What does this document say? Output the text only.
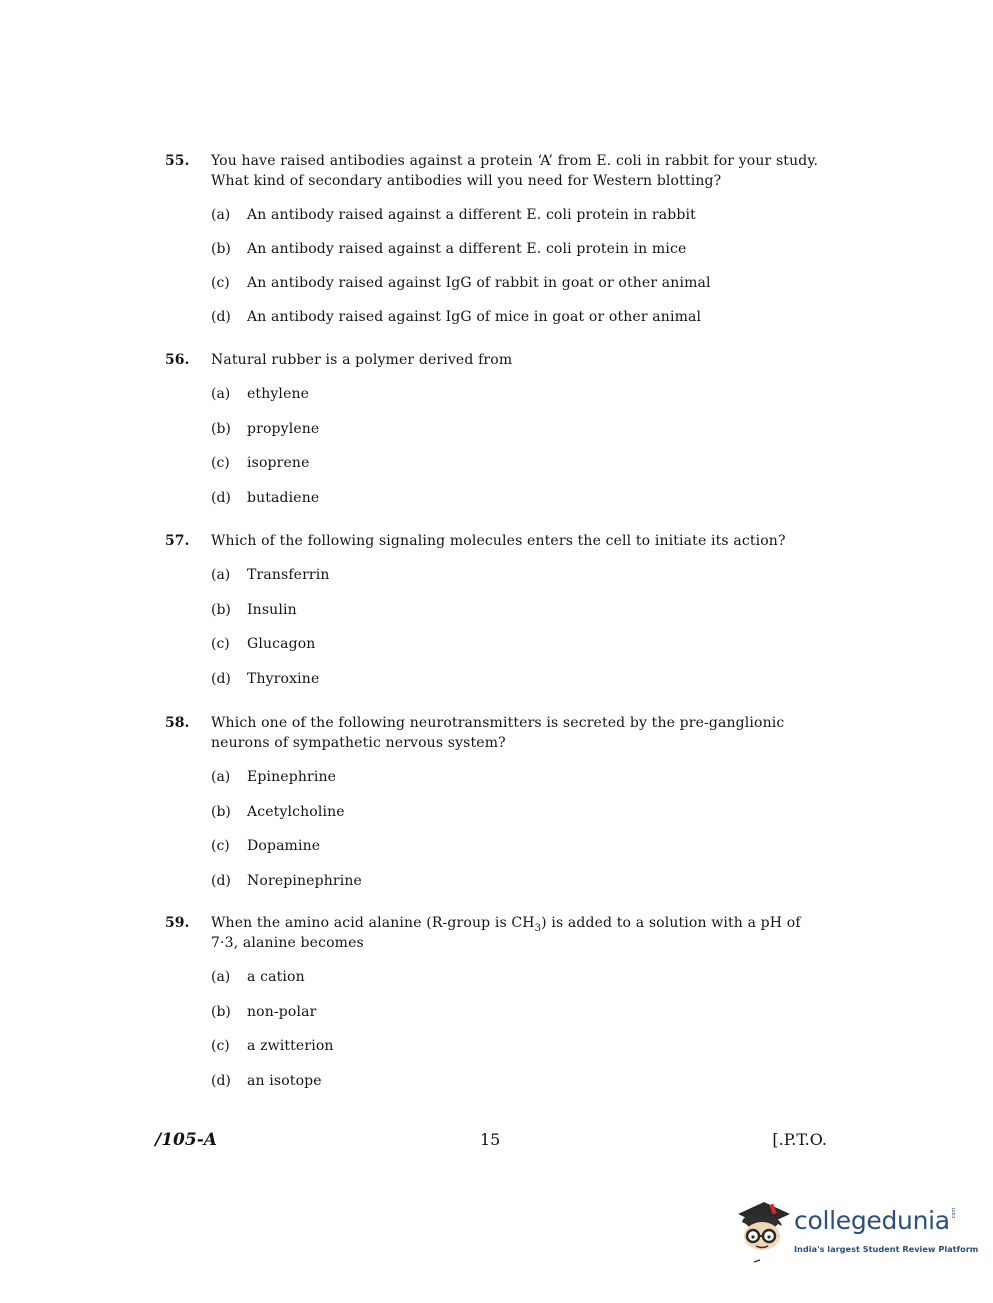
55.	You have raised antibodies against a protein ‘A’ from E. coli in rabbit for your study. What kind of secondary antibodies will you need for Western blotting?
(a)	An antibody raised against a different E. coli protein in rabbit
(b)	An antibody raised against a different E. coli protein in mice
(c)	An antibody raised against IgG of rabbit in goat or other animal
(d)	An antibody raised against IgG of mice in goat or other animal
56.	Natural rubber is a polymer derived from
(a)	ethylene
(b)	propylene
(c)	isoprene
(d)	butadiene
57.	Which of the following signaling molecules enters the cell to initiate its action?
(a)	Transferrin
(b)	Insulin
(c)	Glucagon
(d)	Thyroxine
58.	Which one of the following neurotransmitters is secreted by the pre-ganglionic neurons of sympathetic nervous system?
(a)	Epinephrine
(b)	Acetylcholine
(c)	Dopamine
(d)	Norepinephrine
59.	When the amino acid alanine (R-group is $CH_3$) is added to a solution with a pH of 7·3, alanine becomes
(a)	a cation
(b)	non-polar
(c)	a zwitterion
(d)	an isotope
/105-A	15	[.P.T.O.
collegedunia .com
India's largest Student Review Platform
